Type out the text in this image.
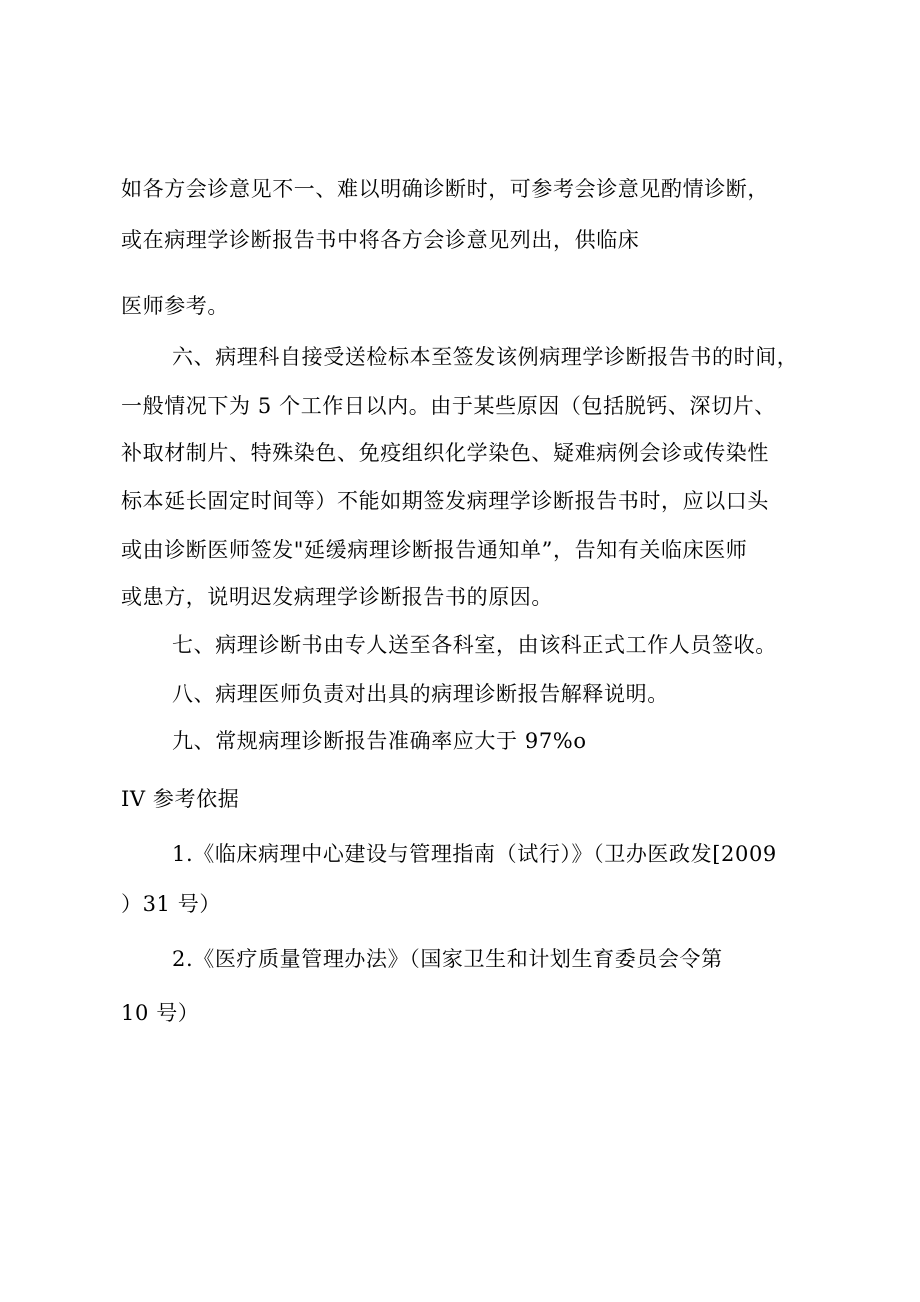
如各方会诊意见不一、难以明确诊断时，可参考会诊意见酌情诊断，
或在病理学诊断报告书中将各方会诊意见列出，供临床
医师参考。
六、病理科自接受送检标本至签发该例病理学诊断报告书的时间，
一般情况下为 5 个工作日以内。由于某些原因（包括脱钙、深切片、
补取材制片、特殊染色、免疫组织化学染色、疑难病例会诊或传染性
标本延长固定时间等）不能如期签发病理学诊断报告书时，应以口头
或由诊断医师签发"延缓病理诊断报告通知单”，告知有关临床医师
或患方，说明迟发病理学诊断报告书的原因。
七、病理诊断书由专人送至各科室，由该科正式工作人员签收。
八、病理医师负责对出具的病理诊断报告解释说明。
九、常规病理诊断报告准确率应大于 97%o
IV 参考依据
1.《临床病理中心建设与管理指南（试行）》（卫办医政发[2009
）31 号）
2.《医疗质量管理办法》（国家卫生和计划生育委员会令第
10 号）
